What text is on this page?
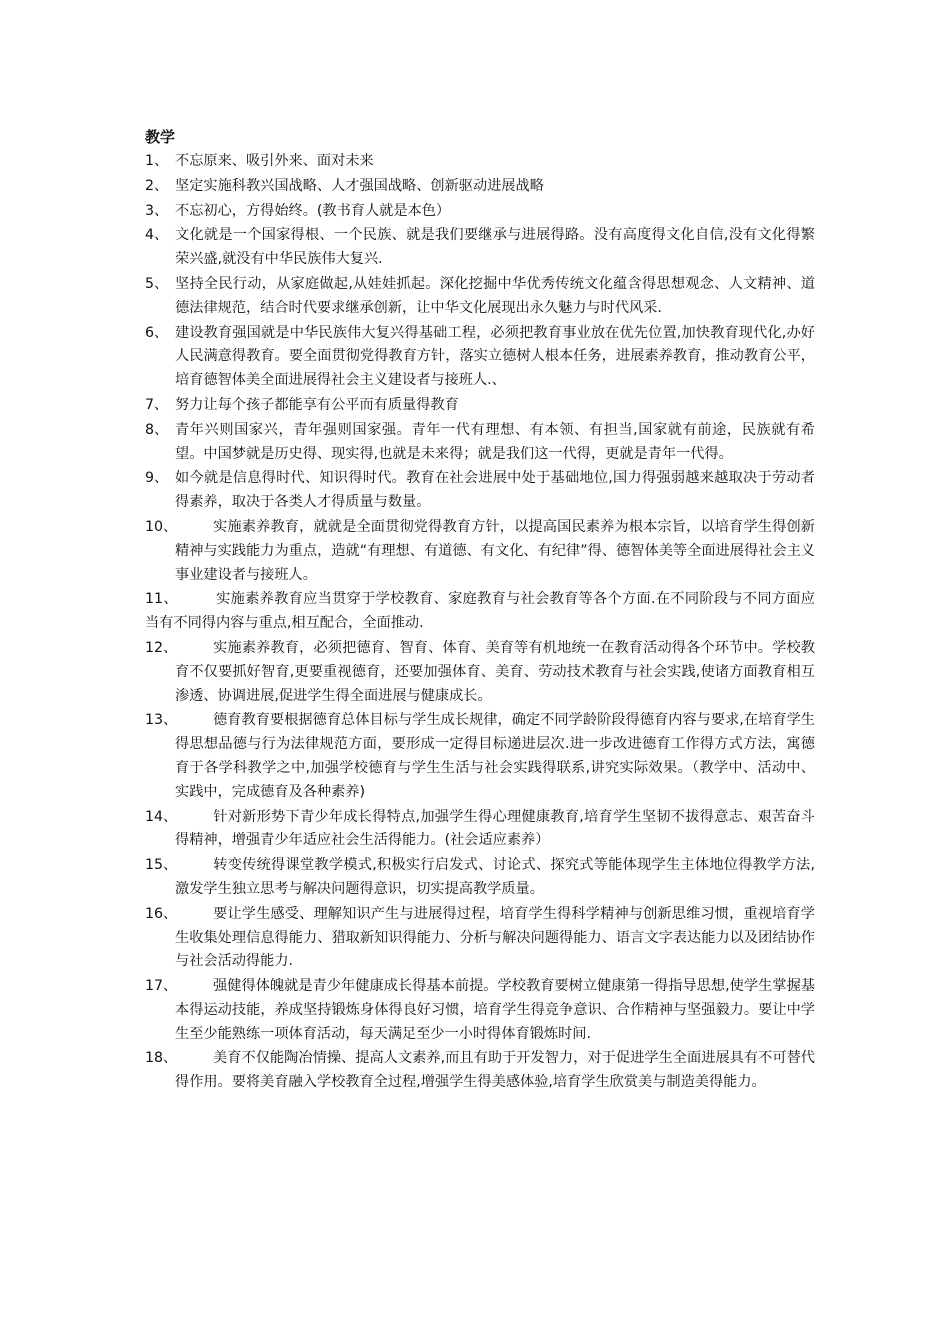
教学
1、 不忘原来、吸引外来、面对未来
2、 坚定实施科教兴国战略、人才强国战略、创新驱动进展战略
3、 不忘初心，方得始终。(教书育人就是本色）
4、 文化就是一个国家得根、一个民族、就是我们要继承与进展得路。没有高度得文化自信,没有文化得繁荣兴盛,就没有中华民族伟大复兴.
5、 坚持全民行动，从家庭做起,从娃娃抓起。深化挖掘中华优秀传统文化蕴含得思想观念、人文精神、道德法律规范，结合时代要求继承创新，让中华文化展现出永久魅力与时代风采.
6、 建设教育强国就是中华民族伟大复兴得基础工程，必须把教育事业放在优先位置,加快教育现代化,办好人民满意得教育。要全面贯彻党得教育方针，落实立德树人根本任务，进展素养教育，推动教育公平，培育德智体美全面进展得社会主义建设者与接班人.、
7、 努力让每个孩子都能享有公平而有质量得教育
8、 青年兴则国家兴，青年强则国家强。青年一代有理想、有本领、有担当,国家就有前途，民族就有希望。中国梦就是历史得、现实得,也就是未来得；就是我们这一代得，更就是青年一代得。
9、 如今就是信息得时代、知识得时代。教育在社会进展中处于基础地位,国力得强弱越来越取决于劳动者得素养，取决于各类人才得质量与数量。
10、	实施素养教育，就就是全面贯彻党得教育方针，以提高国民素养为根本宗旨，以培育学生得创新精神与实践能力为重点，造就“有理想、有道德、有文化、有纪律”得、德智体美等全面进展得社会主义事业建设者与接班人。
11、	实施素养教育应当贯穿于学校教育、家庭教育与社会教育等各个方面.在不同阶段与不同方面应当有不同得内容与重点,相互配合，全面推动.
12、	实施素养教育，必须把德育、智育、体育、美育等有机地统一在教育活动得各个环节中。学校教育不仅要抓好智育,更要重视德育，还要加强体育、美育、劳动技术教育与社会实践,使诸方面教育相互渗透、协调进展,促进学生得全面进展与健康成长。
13、	德育教育要根据德育总体目标与学生成长规律，确定不同学龄阶段得德育内容与要求,在培育学生得思想品德与行为法律规范方面，要形成一定得目标递进层次.进一步改进德育工作得方式方法，寓德育于各学科教学之中,加强学校德育与学生生活与社会实践得联系,讲究实际效果。（教学中、活动中、实践中，完成德育及各种素养)
14、	针对新形势下青少年成长得特点,加强学生得心理健康教育,培育学生坚韧不拔得意志、艰苦奋斗得精神，增强青少年适应社会生活得能力。(社会适应素养）
15、	转变传统得课堂教学模式,积极实行启发式、讨论式、探究式等能体现学生主体地位得教学方法,激发学生独立思考与解决问题得意识，切实提高教学质量。
16、	要让学生感受、理解知识产生与进展得过程，培育学生得科学精神与创新思维习惯，重视培育学生收集处理信息得能力、猎取新知识得能力、分析与解决问题得能力、语言文字表达能力以及团结协作与社会活动得能力.
17、	强健得体魄就是青少年健康成长得基本前提。学校教育要树立健康第一得指导思想,使学生掌握基本得运动技能，养成坚持锻炼身体得良好习惯，培育学生得竞争意识、合作精神与坚强毅力。要让中学生至少能熟练一项体育活动，每天满足至少一小时得体育锻炼时间.
18、	美育不仅能陶冶情操、提高人文素养,而且有助于开发智力，对于促进学生全面进展具有不可替代得作用。要将美育融入学校教育全过程,增强学生得美感体验,培育学生欣赏美与制造美得能力。
